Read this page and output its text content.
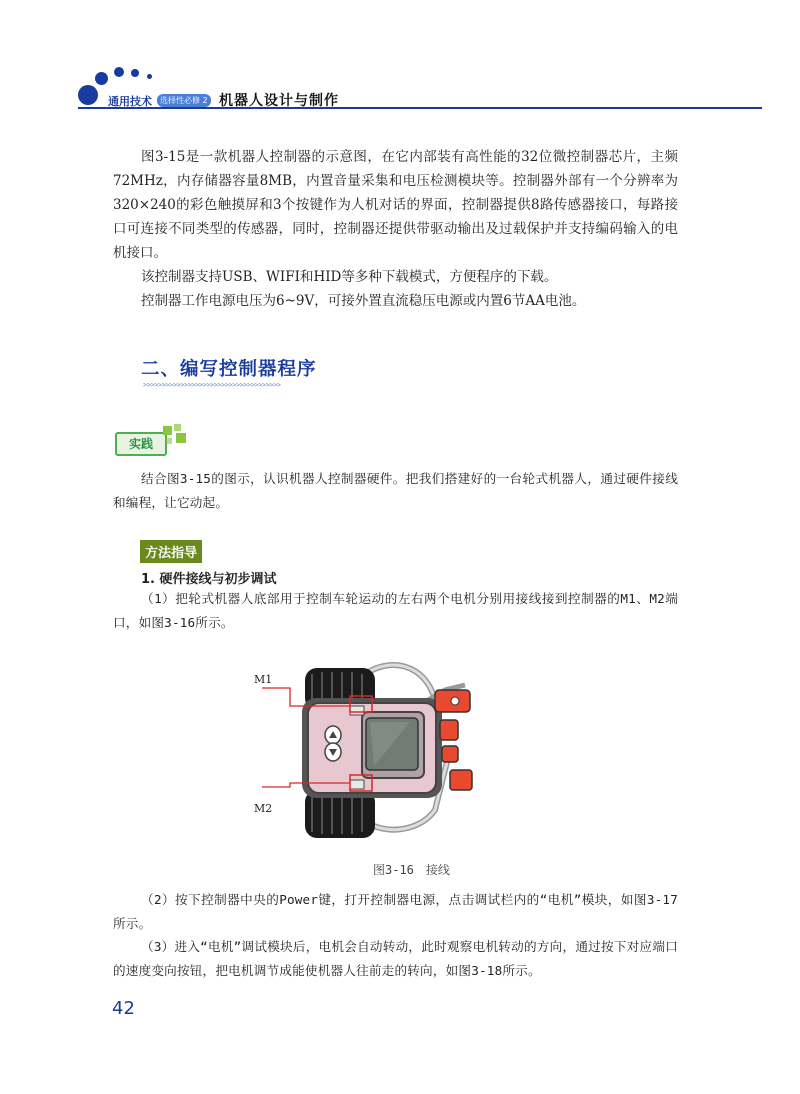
通用技术	选择性必修 2 机器人设计与制作
图3-15是一款机器人控制器的示意图，在它内部装有高性能的32位微控制器芯片，主频72MHz，内存储器容量8MB，内置音量采集和电压检测模块等。控制器外部有一个分辨率为320×240的彩色触摸屏和3个按键作为人机对话的界面，控制器提供8路传感器接口，每路接口可连接不同类型的传感器，同时，控制器还提供带驱动输出及过载保护并支持编码输入的电机接口。
该控制器支持USB、WIFI和HID等多种下载模式，方便程序的下载。
控制器工作电源电压为6~9V，可接外置直流稳压电源或内置6节AA电池。
二、编写控制器程序
>>>>>>>>>>>>>>>>>>>>>>>>>>>>>>>>>>>>>
实践
结合图3-15的图示，认识机器人控制器硬件。把我们搭建好的一台轮式机器人，通过硬件接线和编程，让它动起。
方法指导
1. 硬件接线与初步调试
（1）把轮式机器人底部用于控制车轮运动的左右两个电机分别用接线接到控制器的M1、M2端口，如图3-16所示。
M1
M2
图3-16　接线
（2）按下控制器中央的Power键，打开控制器电源，点击调试栏内的“电机”模块，如图3-17所示。
（3）进入“电机”调试模块后，电机会自动转动，此时观察电机转动的方向，通过按下对应端口的速度变向按钮，把电机调节成能使机器人往前走的转向，如图3-18所示。
42
